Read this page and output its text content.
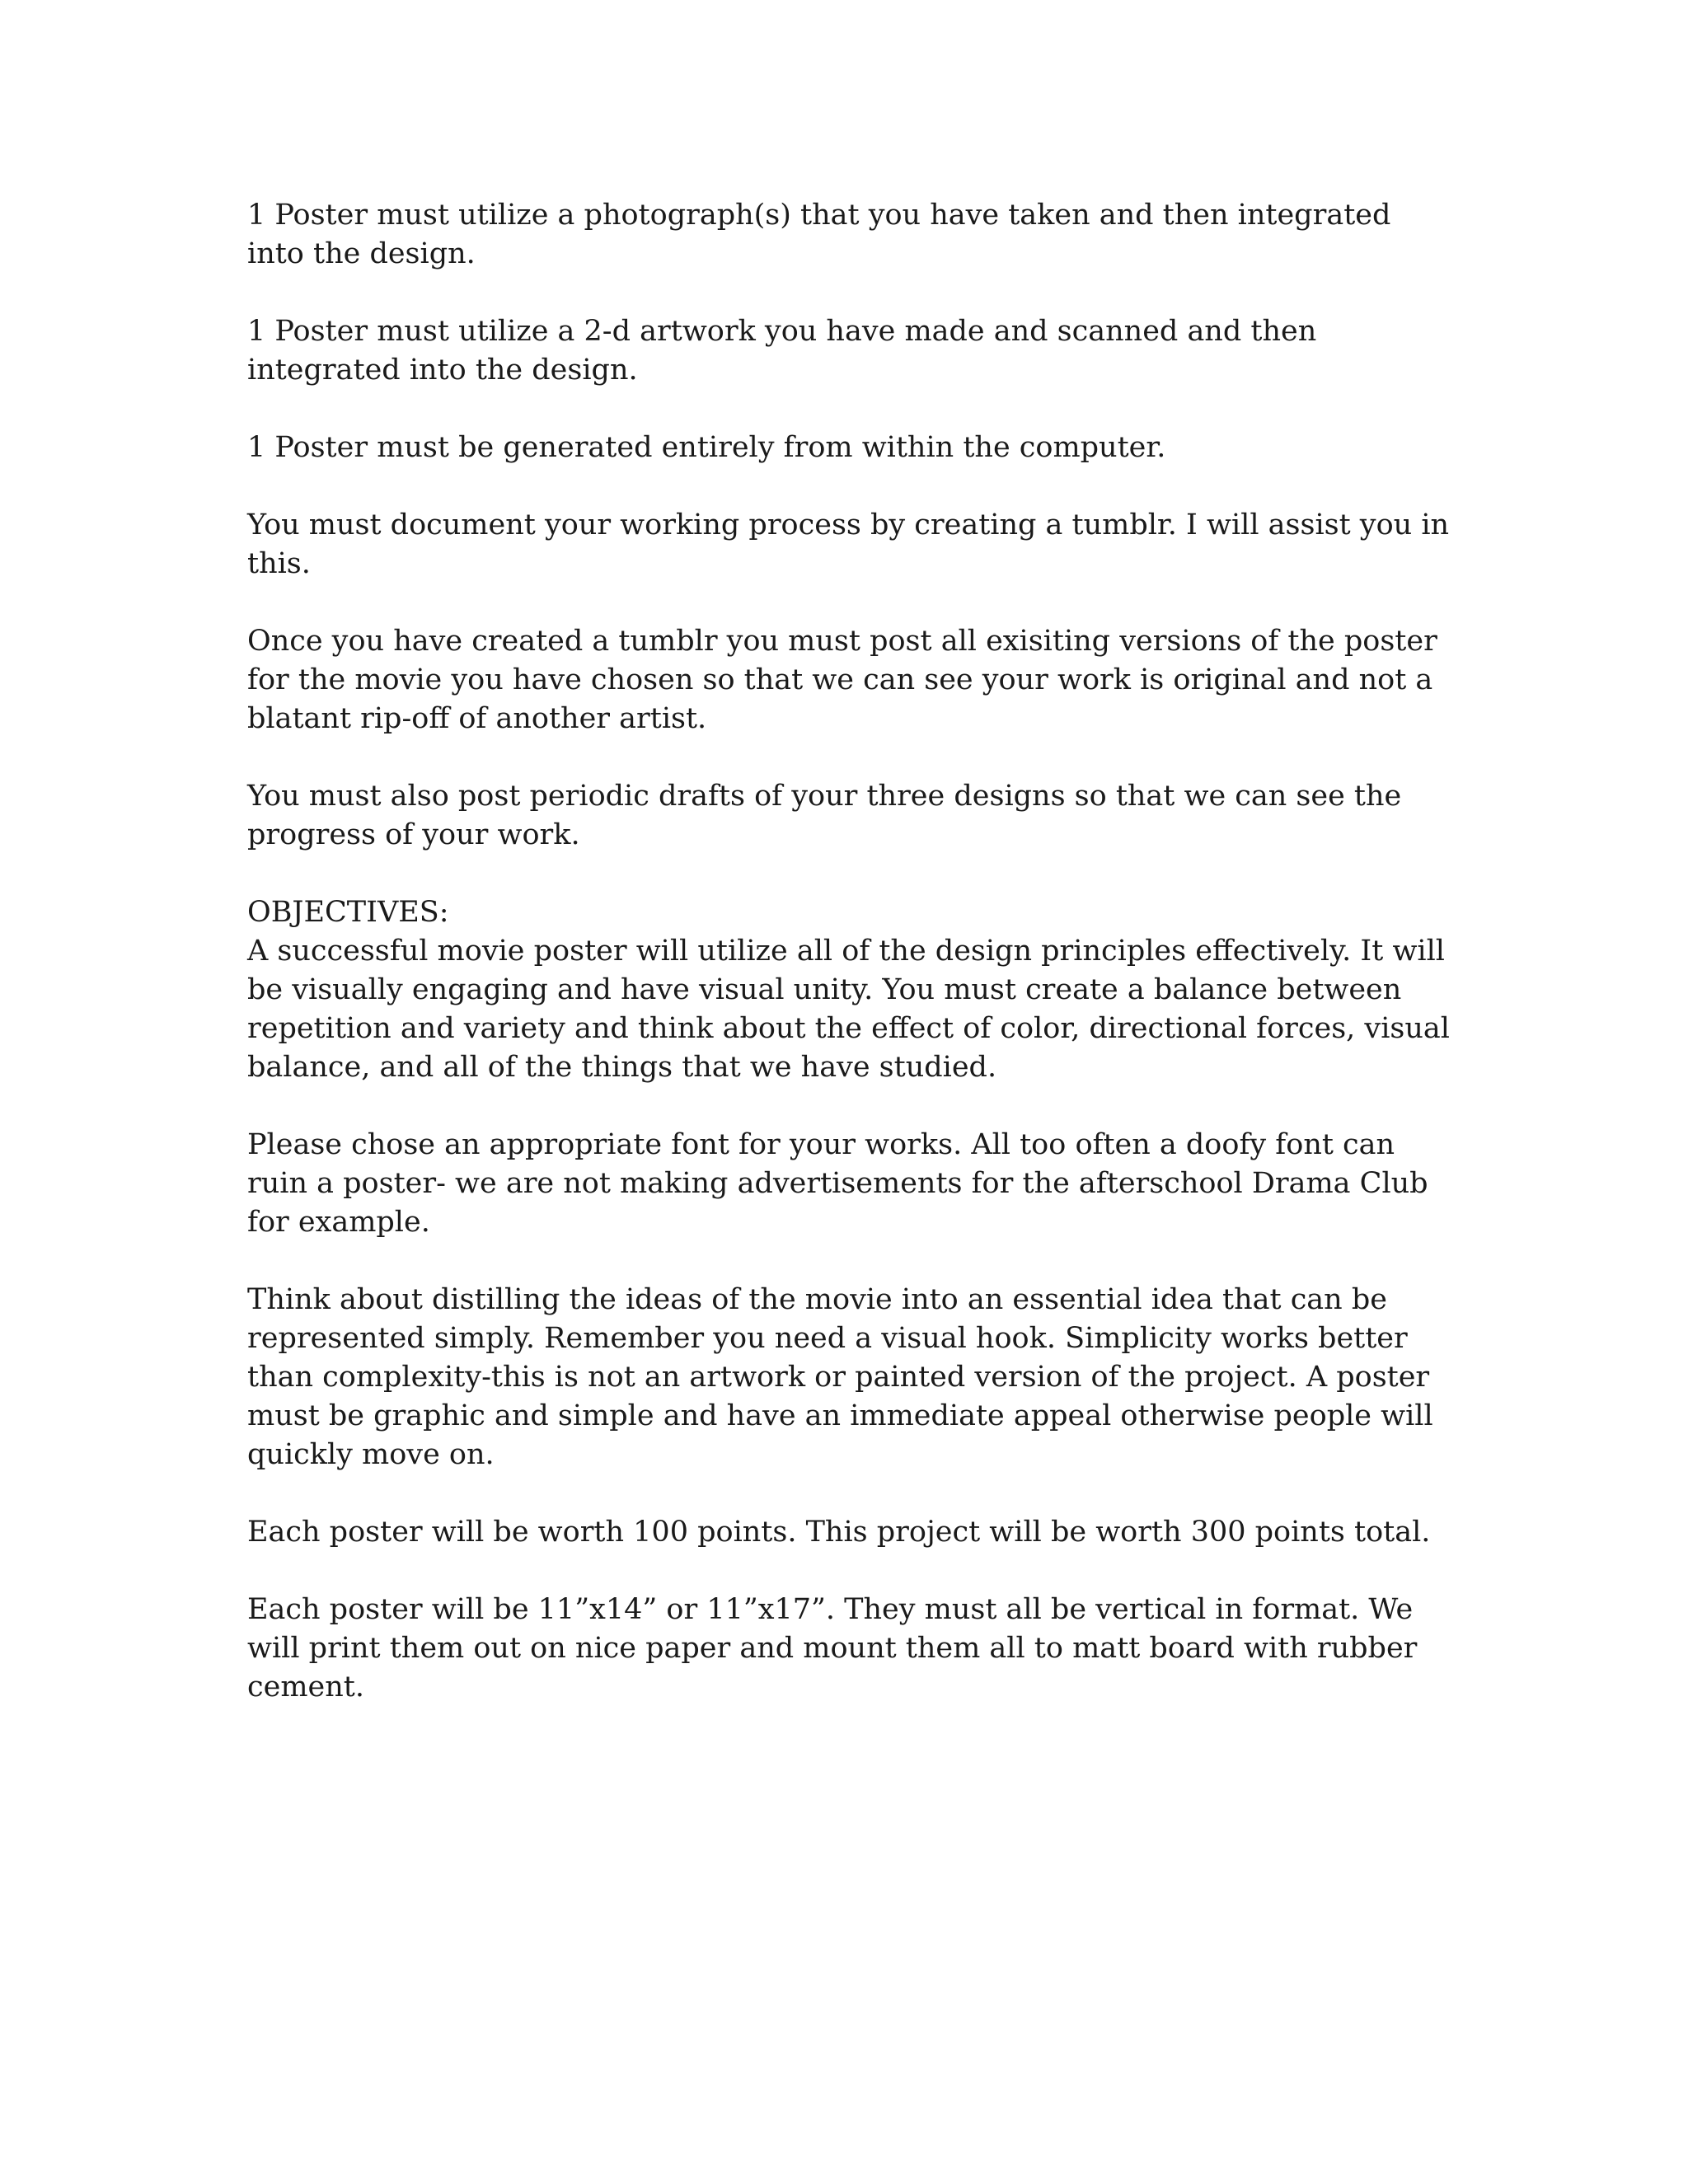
1 Poster must utilize a photograph(s) that you have taken and then integrated into the design.

1 Poster must utilize a 2-d artwork you have made and scanned and then integrated into the design.

1 Poster must be generated entirely from within the computer.

You must document your working process by creating a tumblr. I will assist you in this.

Once you have created a tumblr you must post all exisiting versions of the poster for the movie you have chosen so that we can see your work is original and not a blatant rip-off of another artist.

You must also post periodic drafts of your three designs so that we can see the progress of your work.

OBJECTIVES:

A successful movie poster will utilize all of the design principles effectively. It will be visually engaging and have visual unity. You must create a balance between repetition and variety and think about the effect of color, directional forces, visual balance, and all of the things that we have studied.

Please chose an appropriate font for your works. All too often a doofy font can ruin a poster- we are not making advertisements for the afterschool Drama Club for example.

Think about distilling the ideas of the movie into an essential idea that can be represented simply. Remember you need a visual hook. Simplicity works better than complexity-this is not an artwork or painted version of the project. A poster must be graphic and simple and have an immediate appeal otherwise people will quickly move on.

Each poster will be worth 100 points. This project will be worth 300 points total.

Each poster will be 11”x14” or 11”x17”. They must all be vertical in format. We will print them out on nice paper and mount them all to matt board with rubber cement.
